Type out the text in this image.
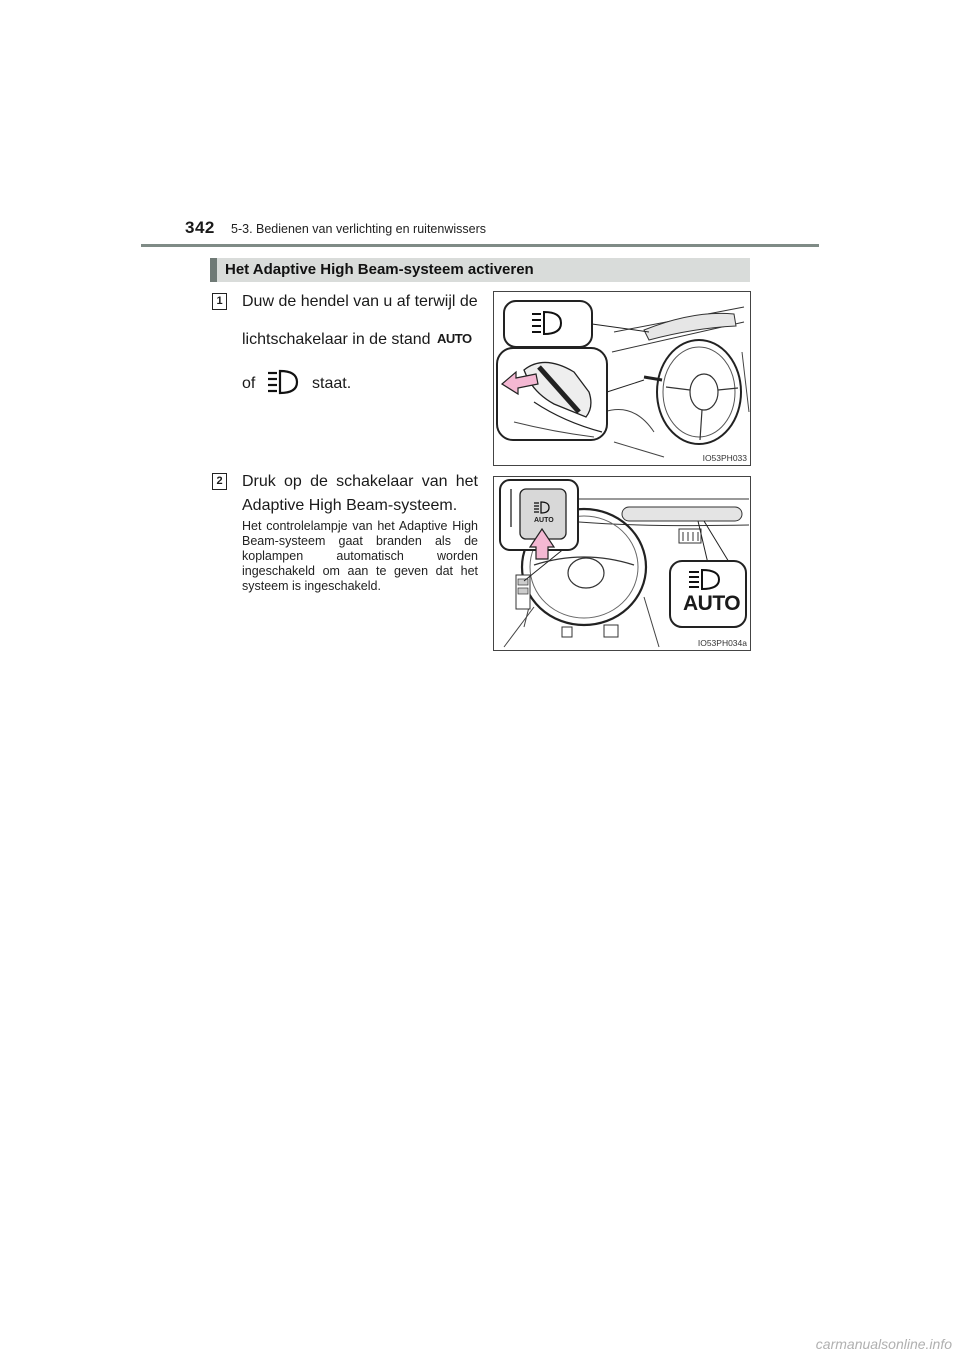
342 5-3. Bedienen van verlichting en ruitenwissers
Het Adaptive High Beam-systeem activeren
1 Duw de hendel van u af terwijl de
lichtschakelaar in de stand AUTO
of	staat.
IO53PH033
2 Druk op de schakelaar van het Adaptive High Beam-systeem.
Het controlelampje van het Adaptive High Beam-systeem gaat branden als de koplampen automatisch worden ingeschakeld om aan te geven dat het systeem is ingeschakeld.
AUTO
AUTO
IO53PH034a
carmanualsonline.info
